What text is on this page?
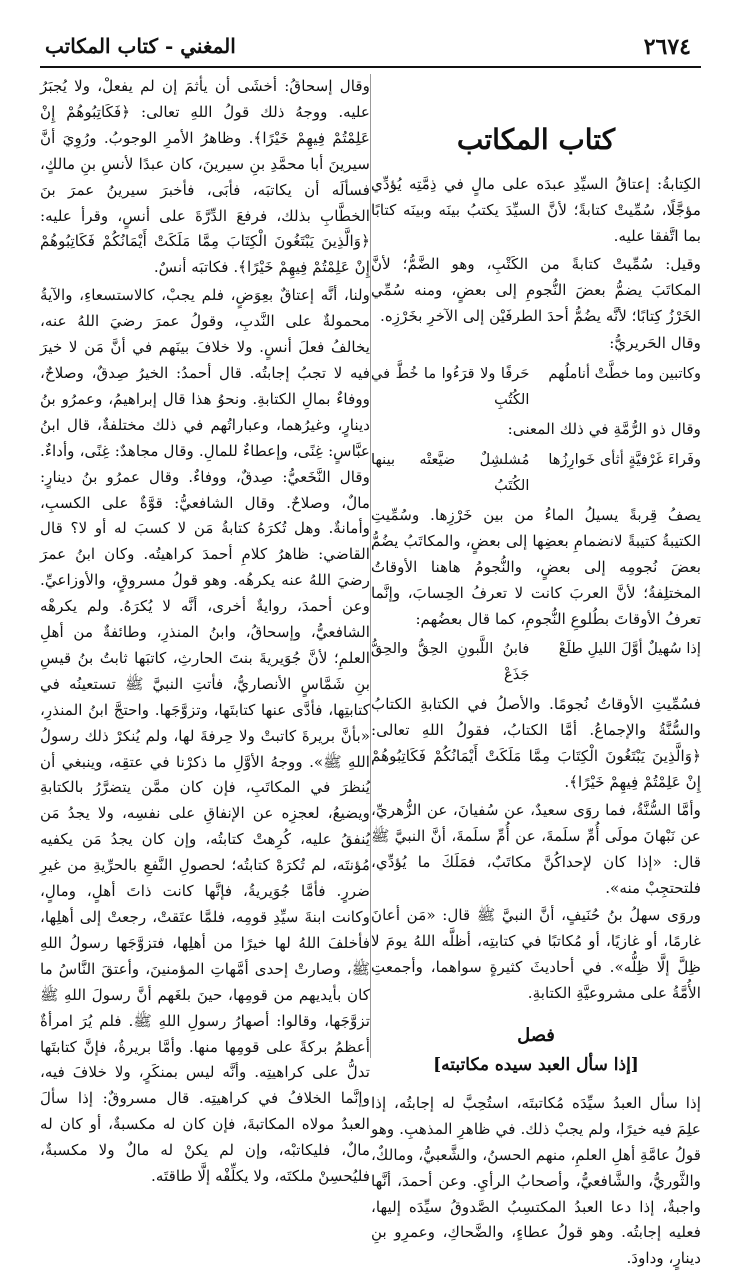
٢٦٧٤
المغني - كتاب المكاتب
كتاب المكاتب

الكِتابةُ: إعتاقُ السيِّدِ عبدَه على مالٍ في ذِمَّتِه يُؤدِّي مؤجَّلًا، سُمِّيتْ كتابةً؛ لأنَّ السيِّدَ يكتبُ بينَه وبينَه كتابًا بما اتَّفقا عليه.

وقيل: سُمِّيتْ كتابةً من الكَتْبِ، وهو الضَّمُّ؛ لأنَّ المكاتَبَ يضمُّ بعضَ النُّجومِ إلى بعضٍ، ومنه سُمِّي الخَرْزُ كِتابًا؛ لأنَّه يضُمُّ أحدَ الطرفَيْن إلى الآخرِ بخَرْزِه.

وقال الحَريريُّ:

وكاتبين وما خطَّتْ أناملُهم
حَرفًا ولا قرَءُوا ما خُطَّ في الكُتُبِ

وقال ذو الرُّمَّةِ في ذلك المعنى:

وفَراءَ غَرْفيَّةٍ أثأى خَوارِزُها
مُشلشِلٌ ضيَّعتْه بينها الكُتَبُ

يصفُ قِربةً يسيلُ الماءُ من بين خَرْزِها. وسُمِّيتِ الكتيبةُ كتيبةً لانضمامِ بعضِها إلى بعضٍ، والمكاتَبُ يضُمُّ بعضَ نُجومِه إلى بعضٍ، والنُّجومُ هاهنا الأوقاتُ المختلِفةُ؛ لأنَّ العربَ كانت لا تعرفُ الحِسابَ، وإنَّما تعرفُ الأوقاتَ بطُلوعِ النُّجومِ، كما قال بعضُهم:

إذا سُهيلٌ أوَّلَ الليلِ طلَعْ
فابنُ اللَّبونِ الحِقُّ والحِقُّ جَذَعْ

فسُمِّيتِ الأوقاتُ نُجومًا. والأصلُ في الكتابةِ الكتابُ والسُّنَّةُ والإجماعُ. أمَّا الكتابُ، فقولُ اللهِ تعالى: ﴿وَالَّذِينَ يَبْتَغُونَ الْكِتَابَ مِمَّا مَلَكَتْ أَيْمَانُكُمْ فَكَاتِبُوهُمْ إِنْ عَلِمْتُمْ فِيهِمْ خَيْرًا﴾.

وأمَّا السُّنَّةُ، فما روَى سعيدٌ، عن سُفيانَ، عن الزُّهريِّ، عن نَبْهانَ مولَى أُمِّ سلَمةَ، عن أُمِّ سلَمةَ، أنَّ النبيَّ ﷺ قال: «إذا كان لإحداكُنَّ مكاتَبٌ، فمَلَكَ ما يُؤدِّي، فلتحتجِبْ منه».

وروَى سهلُ بنُ حُنَيفٍ، أنَّ النبيَّ ﷺ قال: «مَن أعانَ غارمًا، أو غازيًا، أو مُكاتبًا في كتابتِه، أظلَّه اللهُ يومَ لا ظِلَّ إلَّا ظِلُّه». في أحاديثَ كثيرةٍ سواهما، وأجمعتِ الأُمَّةُ على مشروعيَّةِ الكتابةِ.

فصل
[إذا سأل العبد سيده مكاتبته]

إذا سأل العبدُ سيِّدَه مُكاتبتَه، استُحِبَّ له إجابتُه، إذا علِمَ فيه خيرًا، ولم يجبْ ذلك. في ظاهرِ المذهبِ. وهو قولُ عامَّةِ أهلِ العلمِ، منهم الحسنُ، والشَّعبيُّ، ومالكٌ، والثَّوريُّ، والشَّافعيُّ، وأصحابُ الرأيِ. وعن أحمدَ، أنَّها واجبةٌ، إذا دعا العبدُ المكتسِبُ الصَّدوقُ سيِّدَه إليها، فعليه إجابتُه. وهو قولُ عطاءٍ، والضَّحاكِ، وعمرِو بنِ دينارٍ، وداودَ.

وقال إسحاقُ: أخشَى أن يأثمَ إن لم يفعلْ، ولا يُجبَرُ عليه. ووجهُ ذلك قولُ اللهِ تعالى: ﴿فَكَاتِبُوهُمْ إِنْ عَلِمْتُمْ فِيهِمْ خَيْرًا﴾. وظاهرُ الأمرِ الوجوبُ. ورُوِيَ أنَّ سيرينَ أبا محمَّدِ بنِ سيرينَ، كان عبدًا لأنسِ بنِ مالكٍ، فسألَه أن يكاتبَه، فأبَى، فأخبرَ سيرينُ عمرَ بنَ الخطَّابِ بذلك، فرفعَ الدِّرَّةَ على أنسٍ، وقرأ عليه: ﴿وَالَّذِينَ يَبْتَغُونَ الْكِتَابَ مِمَّا مَلَكَتْ أَيْمَانُكُمْ فَكَاتِبُوهُمْ إِنْ عَلِمْتُمْ فِيهِمْ خَيْرًا﴾. فكاتبَه أنسٌ.

ولنا، أنَّه إعتاقٌ بعِوَضٍ، فلم يجبْ، كالاستسعاءِ، والآيةُ محمولةٌ على النَّدبِ، وقولُ عمرَ رضيَ اللهُ عنه، يخالفُ فعلَ أنسٍ. ولا خلافَ بينَهم في أنَّ مَن لا خيرَ فيه لا تجبُ إجابتُه. قال أحمدُ: الخيرُ صِدقٌ، وصلاحٌ، ووفاءٌ بمالِ الكتابةِ. ونحوُ هذا قال إبراهيمُ، وعمرُو بنُ دينارٍ، وغيرُهما، وعباراتُهم في ذلك مختلفةٌ، قال ابنُ عبَّاسٍ: غِنًى، وإعطاءٌ للمالِ. وقال مجاهدٌ: غِنًى، وأداءٌ. وقال النَّخَعيُّ: صِدقٌ، ووفاءٌ. وقال عمرُو بنُ دينارٍ: مالٌ، وصلاحٌ. وقال الشافعيُّ: قوَّةٌ على الكسبِ، وأمانةٌ. وهل تُكرَهُ كتابةُ مَن لا كسبَ له أو لا؟ قال القاضي: ظاهرُ كلامِ أحمدَ كراهيتُه. وكان ابنُ عمرَ رضيَ اللهُ عنه يكرهُه. وهو قولُ مسروقٍ، والأوزاعيِّ. وعن أحمدَ، روايةٌ أخرى، أنَّه لا يُكرَهُ. ولم يكرهْه الشافعيُّ، وإسحاقُ، وابنُ المنذرِ، وطائفةٌ من أهلِ العلمِ؛ لأنَّ جُوَيريةَ بنتَ الحارثِ، كاتبَها ثابتُ بنُ قيسِ بنِ شَمَّاسٍ الأنصاريُّ، فأتتِ النبيَّ ﷺ تستعينُه في كتابتِها، فأدَّى عنها كتابتَها، وتزوَّجَها. واحتجَّ ابنُ المنذرِ، «بأنَّ بريرةَ كاتبتْ ولا حِرفةَ لها، ولم يُنكرْ ذلك رسولُ اللهِ ﷺ». ووجهُ الأوَّلِ ما ذكرْنا في عتقِه، وينبغي أن يُنظرَ في المكاتَبِ، فإن كان ممَّن يتضرَّرُ بالكتابةِ ويضيعُ، لعجزِه عن الإنفاقِ على نفسِه، ولا يجدُ مَن يُنفقُ عليه، كُرِهتْ كتابتُه، وإن كان يجدُ مَن يكفيه مُؤنتَه، لم تُكرَهْ كتابتُه؛ لحصولِ النَّفعِ بالحرِّيةِ من غيرِ ضررٍ. فأمَّا جُوَيريةُ، فإنَّها كانت ذاتَ أهلٍ، ومالٍ، وكانت ابنةَ سيِّدِ قومِه، فلمَّا عتَقتْ، رجعتْ إلى أهلِها، فأخلفَ اللهُ لها خيرًا من أهلِها، فتزوَّجَها رسولُ اللهِ ﷺ، وصارتْ إحدى أمَّهاتِ المؤمنينَ، وأعتقَ النَّاسُ ما كان بأيديهم من قومِها، حينَ بلغَهم أنَّ رسولَ اللهِ ﷺ تزوَّجَها، وقالوا: أصهارُ رسولِ اللهِ ﷺ. فلم يُرَ امرأةٌ أعظمُ بركةً على قومِها منها. وأمَّا بريرةُ، فإنَّ كتابتَها تدلُّ على كراهيتِه. وأنَّه ليس بمنكَرٍ، ولا خلافَ فيه، وإنَّما الخلافُ في كراهيتِه. قال مسروقٌ: إذا سألَ العبدُ مولاه المكاتبةَ، فإن كان له مكسبةٌ، أو كان له مالٌ، فليكاتبْه، وإن لم يكنْ له مالٌ ولا مكسبةٌ، فليُحسِنْ ملكتَه، ولا يكلِّفْه إلَّا طاقتَه.
